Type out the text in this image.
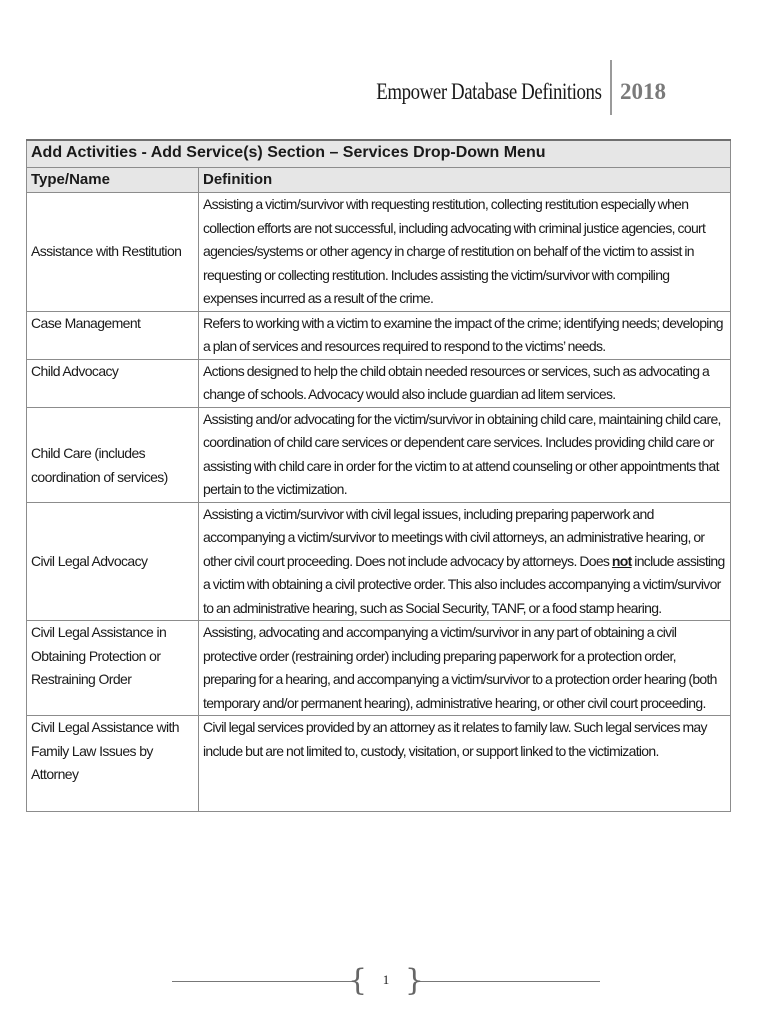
Empower Database Definitions 2018
Add Activities - Add Service(s) Section – Services Drop-Down Menu	
Type/Name	Definition

Assistance with Restitution	Assisting a victim/survivor with requesting restitution, collecting restitution especially when collection efforts are not successful, including advocating with criminal justice agencies, court agencies/systems or other agency in charge of restitution on behalf of the victim to assist in requesting or collecting restitution. Includes assisting the victim/survivor with compiling expenses incurred as a result of the crime.

Case Management	Refers to working with a victim to examine the impact of the crime; identifying needs; developing a plan of services and resources required to respond to the victims’ needs.

Child Advocacy	Actions designed to help the child obtain needed resources or services, such as advocating a change of schools. Advocacy would also include guardian ad litem services.

Child Care (includes coordination of services)	Assisting and/or advocating for the victim/survivor in obtaining child care, maintaining child care, coordination of child care services or dependent care services. Includes providing child care or assisting with child care in order for the victim to at attend counseling or other appointments that pertain to the victimization.

Civil Legal Advocacy	Assisting a victim/survivor with civil legal issues, including preparing paperwork and accompanying a victim/survivor to meetings with civil attorneys, an administrative hearing, or other civil court proceeding. Does not include advocacy by attorneys. Does not include assisting a victim with obtaining a civil protective order. This also includes accompanying a victim/survivor to an administrative hearing, such as Social Security, TANF, or a food stamp hearing.

Civil Legal Assistance in Obtaining Protection or Restraining Order	Assisting, advocating and accompanying a victim/survivor in any part of obtaining a civil protective order (restraining order) including preparing paperwork for a protection order, preparing for a hearing, and accompanying a victim/survivor to a protection order hearing (both temporary and/or permanent hearing), administrative hearing, or other civil court proceeding.

Civil Legal Assistance with Family Law Issues by Attorney	Civil legal services provided by an attorney as it relates to family law. Such legal services may include but are not limited to, custody, visitation, or support linked to the victimization.
{ }
1
